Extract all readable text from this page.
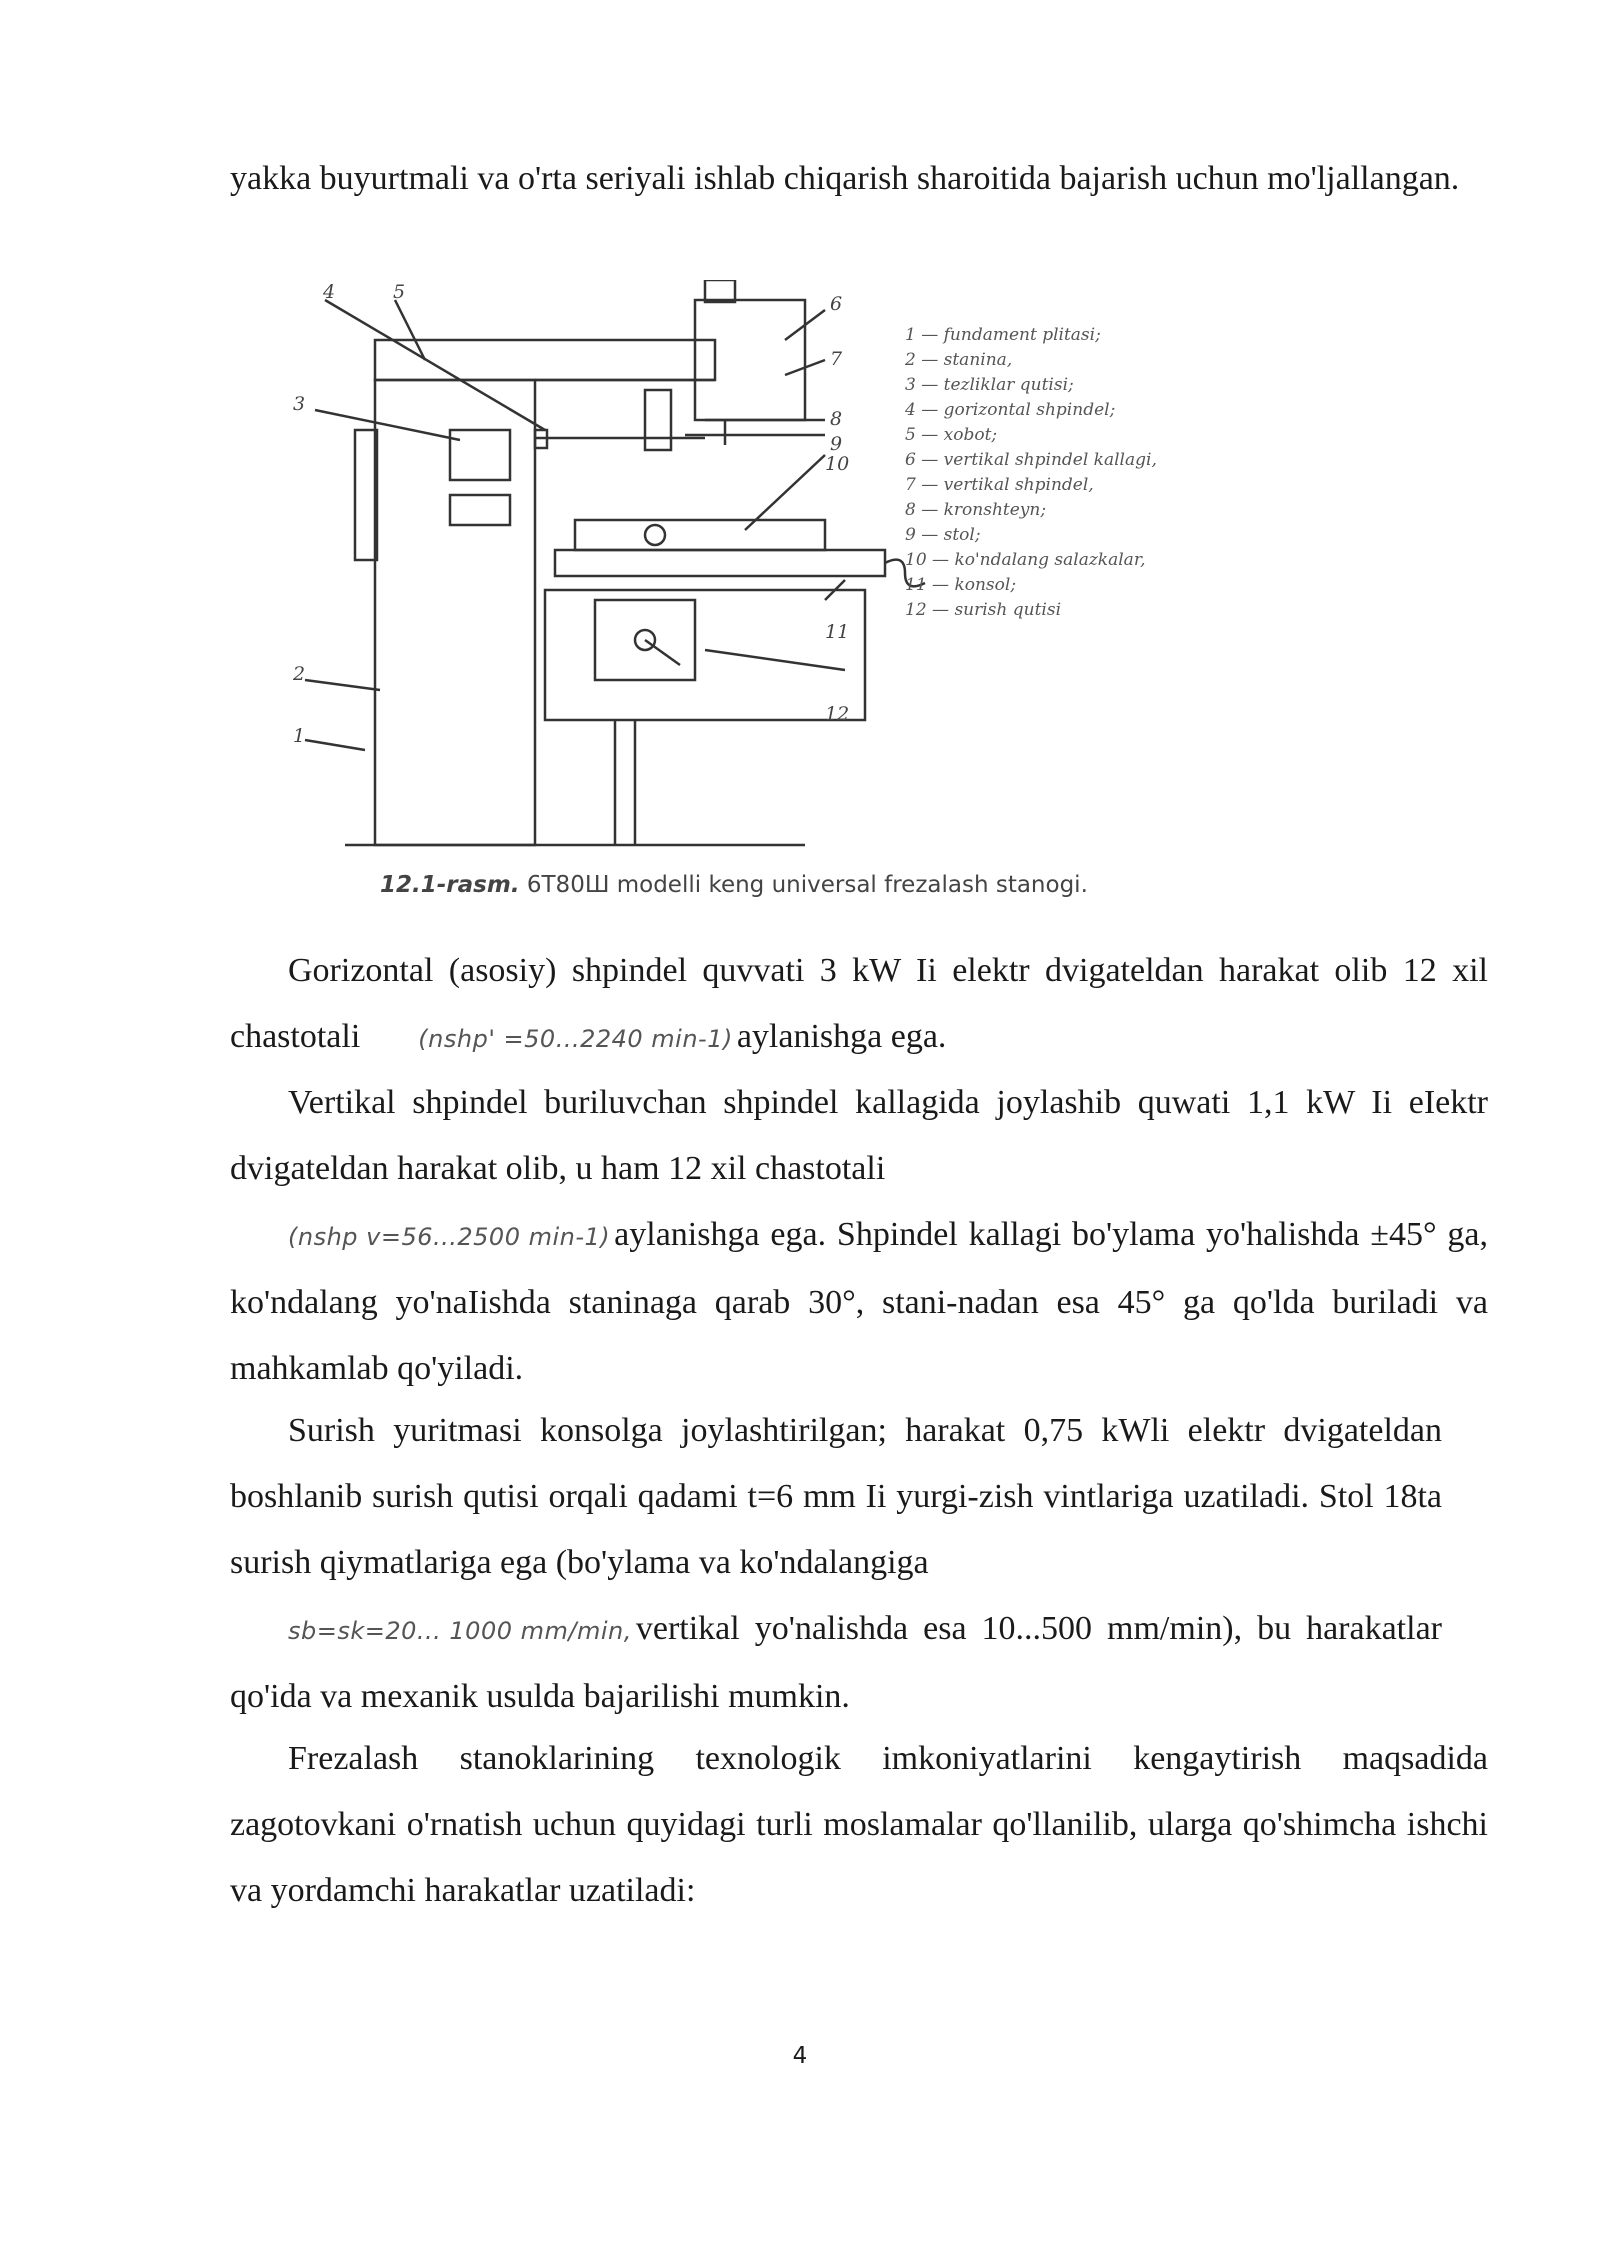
yakka buyurtmali va o'rta seriyali ishlab chiqarish sharoitida bajarish uchun mo'ljallangan.

4	5
6
7
8
9
10
11
12
3
2
1
1 — fundament plitasi;
2 — stanina,
3 — tezliklar qutisi;
4 — gorizontal shpindel;
5 — xobot;
6 — vertikal shpindel kallagi,
7 — vertikal shpindel,
8 — kronshteyn;
9 — stol;
10 — ko'ndalang salazkalar,
11 — konsol;
12 — surish qutisi
12.1-rasm. 6T80Ш modelli keng universal frezalash stanogi.

Gorizontal (asosiy) shpindel quvvati 3 kW Ii elektr dvigateldan harakat olib 12 xil chastotali (nshp' =50...2240 min-1) aylanishga ega.

Vertikal shpindel buriluvchan shpindel kallagida joylashib quwati 1,1 kW Ii eIektr dvigateldan harakat olib, u ham 12 xil chastotali
(nshp v=56...2500 min-1) aylanishga ega. Shpindel kallagi bo'ylama yo'halishda ±45° ga, ko'ndalang yo'naIishda staninaga qarab 30°, stani-nadan esa 45° ga qo'lda buriladi va mahkamlab qo'yiladi.

Surish yuritmasi konsolga joylashtirilgan; harakat 0,75 kWli elektr dvigateldan boshlanib surish qutisi orqali qadami t=6 mm Ii yurgi-zish vintlariga uzatiladi. Stol 18ta surish qiymatlariga ega (bo'ylama va ko'ndalangiga
sb=sk=20... 1000 mm/min, vertikal yo'nalishda esa 10...500 mm/min), bu harakatlar qo'ida va mexanik usulda bajarilishi mumkin.

Frezalash stanoklarining texnologik imkoniyatlarini kengaytirish maqsadida zagotovkani o'rnatish uchun quyidagi turli moslamalar qo'llanilib, ularga qo'shimcha ishchi va yordamchi harakatlar uzatiladi:

4
